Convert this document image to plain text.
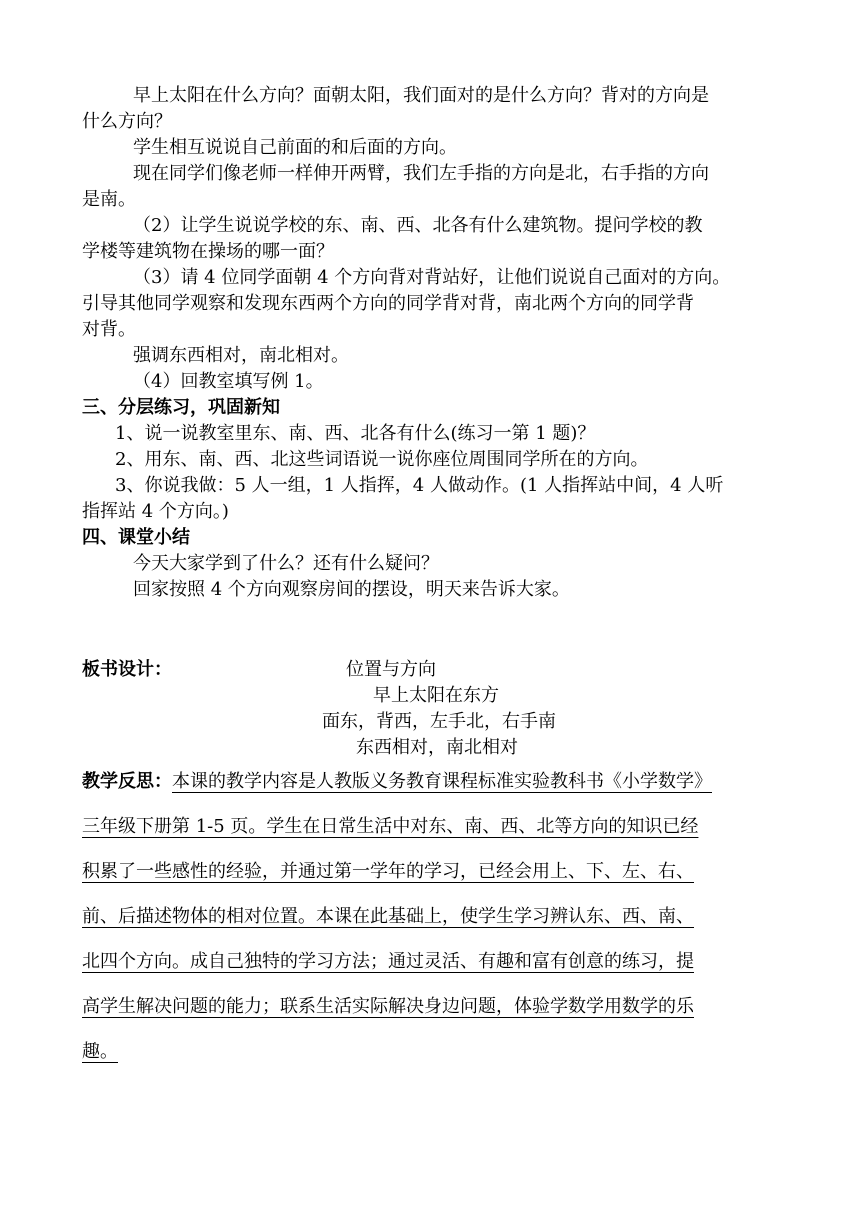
早上太阳在什么方向？面朝太阳，我们面对的是什么方向？背对的方向是
什么方向？
学生相互说说自己前面的和后面的方向。
现在同学们像老师一样伸开两臂，我们左手指的方向是北，右手指的方向
是南。
（2）让学生说说学校的东、南、西、北各有什么建筑物。提问学校的教
学楼等建筑物在操场的哪一面？
（3）请 4 位同学面朝 4 个方向背对背站好，让他们说说自己面对的方向。
引导其他同学观察和发现东西两个方向的同学背对背，南北两个方向的同学背
对背。
强调东西相对，南北相对。
（4）回教室填写例 1。
三、分层练习，巩固新知
1、说一说教室里东、南、西、北各有什么(练习一第 1 题)？
2、用东、南、西、北这些词语说一说你座位周围同学所在的方向。
3、你说我做：5 人一组，1 人指挥，4 人做动作。(1 人指挥站中间，4 人听
指挥站 4 个方向。)
四、课堂小结
今天大家学到了什么？还有什么疑问？
回家按照 4 个方向观察房间的摆设，明天来告诉大家。
板书设计：	位置与方向
早上太阳在东方
面东，背西，左手北，右手南
东西相对，南北相对
教学反思：本课的教学内容是人教版义务教育课程标准实验教科书《小学数学》
三年级下册第 1-5 页。学生在日常生活中对东、南、西、北等方向的知识已经
积累了一些感性的经验，并通过第一学年的学习，已经会用上、下、左、右、
前、后描述物体的相对位置。本课在此基础上，使学生学习辨认东、西、南、
北四个方向。成自己独特的学习方法；通过灵活、有趣和富有创意的练习，提
高学生解决问题的能力；联系生活实际解决身边问题，体验学数学用数学的乐
趣。
